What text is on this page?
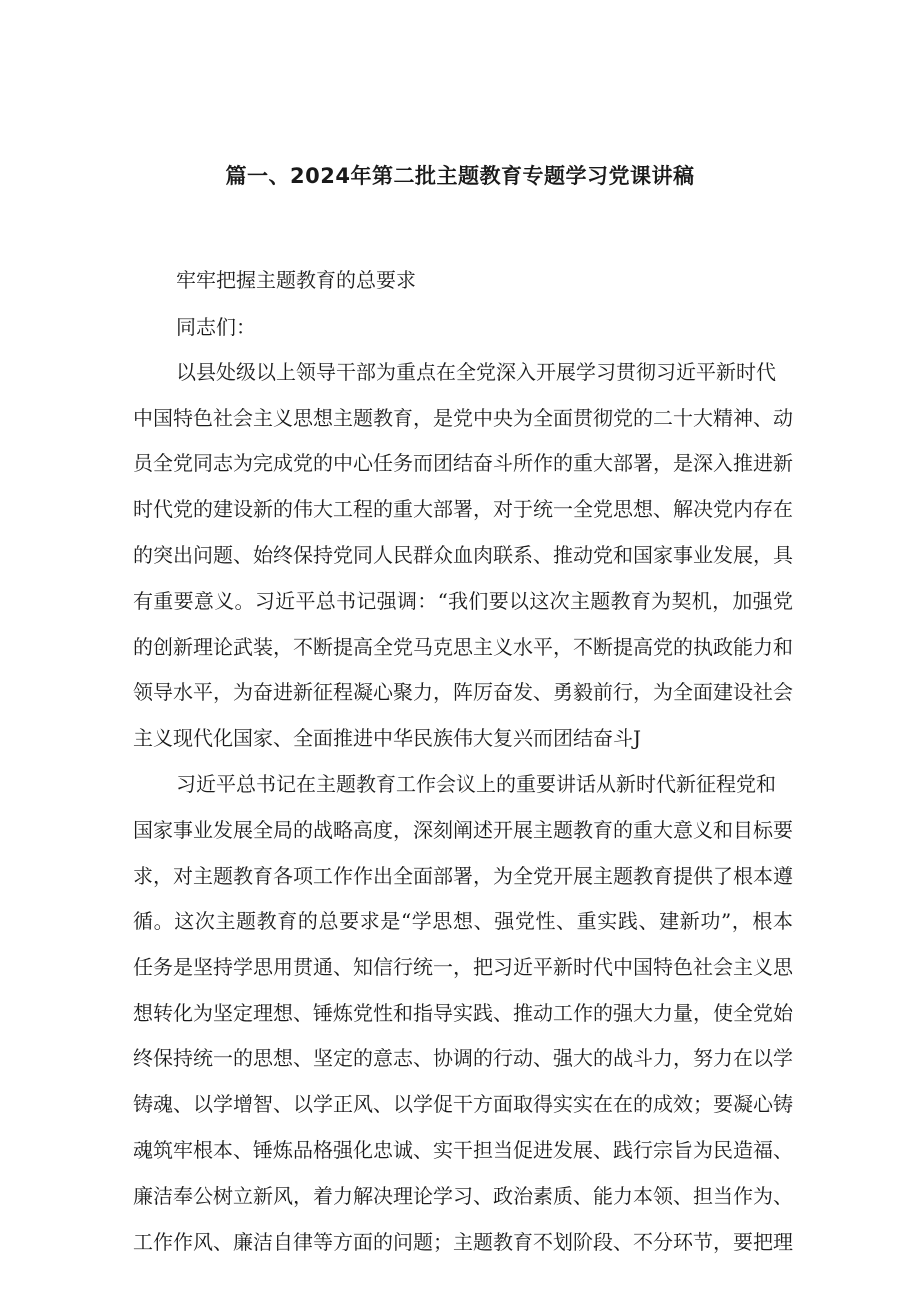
篇一、2024年第二批主题教育专题学习党课讲稿
牢牢把握主题教育的总要求
同志们：
以县处级以上领导干部为重点在全党深入开展学习贯彻习近平新时代
中国特色社会主义思想主题教育，是党中央为全面贯彻党的二十大精神、动
员全党同志为完成党的中心任务而团结奋斗所作的重大部署，是深入推进新
时代党的建设新的伟大工程的重大部署，对于统一全党思想、解决党内存在
的突出问题、始终保持党同人民群众血肉联系、推动党和国家事业发展，具
有重要意义。习近平总书记强调：“我们要以这次主题教育为契机，加强党
的创新理论武装，不断提高全党马克思主义水平，不断提高党的执政能力和
领导水平，为奋进新征程凝心聚力，阵厉奋发、勇毅前行，为全面建设社会
主义现代化国家、全面推进中华民族伟大复兴而团结奋斗J
习近平总书记在主题教育工作会议上的重要讲话从新时代新征程党和
国家事业发展全局的战略高度，深刻阐述开展主题教育的重大意义和目标要
求，对主题教育各项工作作出全面部署，为全党开展主题教育提供了根本遵
循。这次主题教育的总要求是“学思想、强党性、重实践、建新功”，根本
任务是坚持学思用贯通、知信行统一，把习近平新时代中国特色社会主义思
想转化为坚定理想、锤炼党性和指导实践、推动工作的强大力量，使全党始
终保持统一的思想、坚定的意志、协调的行动、强大的战斗力，努力在以学
铸魂、以学增智、以学正风、以学促干方面取得实实在在的成效；要凝心铸
魂筑牢根本、锤炼品格强化忠诚、实干担当促进发展、践行宗旨为民造福、
廉洁奉公树立新风，着力解决理论学习、政治素质、能力本领、担当作为、
工作作风、廉洁自律等方面的问题；主题教育不划阶段、不分环节，要把理
